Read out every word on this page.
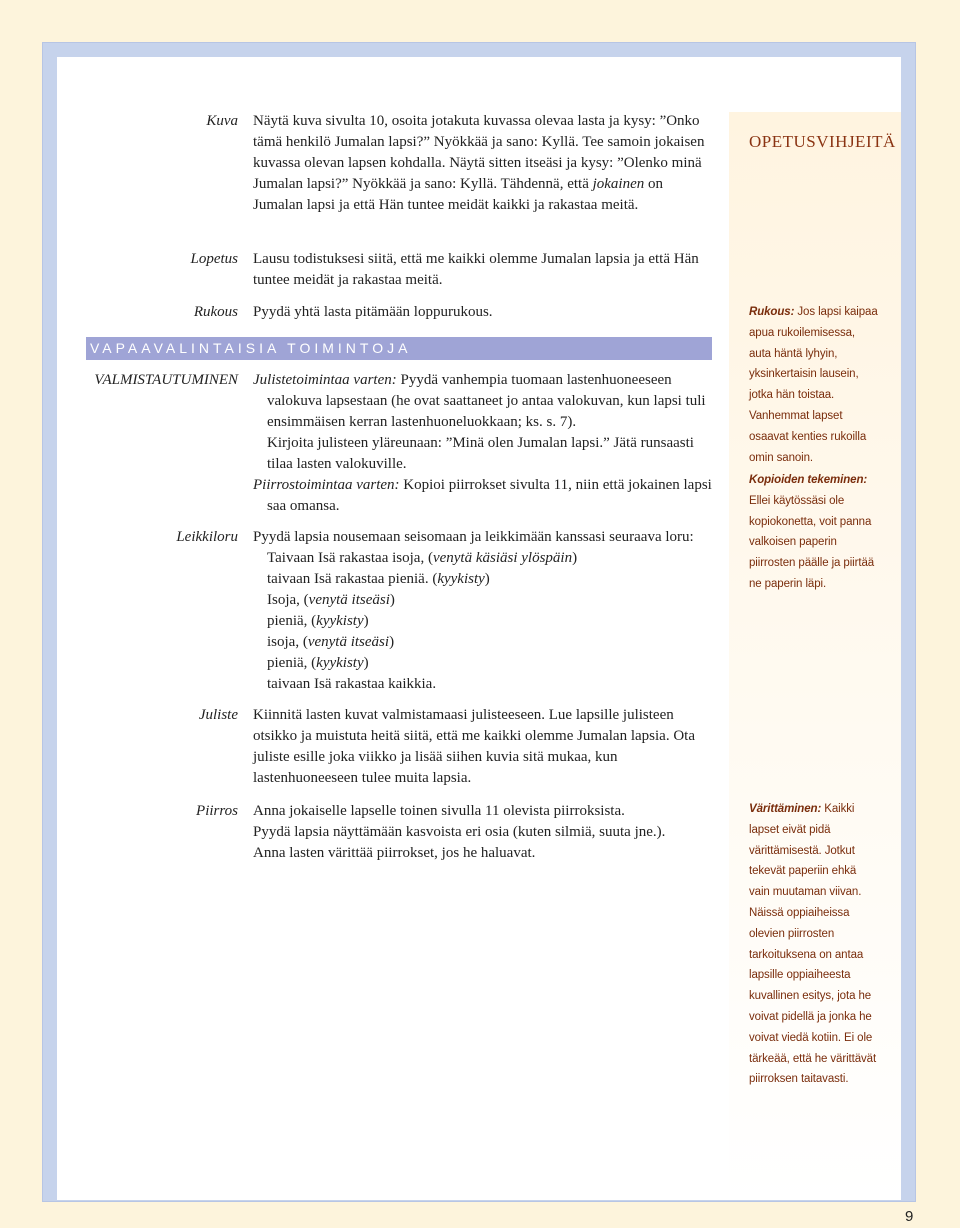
OPETUSVIHJEITÄ
Kuva Näytä kuva sivulta 10, osoita jotakuta kuvassa olevaa lasta ja kysy: ”Onko tämä henkilö Jumalan lapsi?” Nyökkää ja sano: Kyllä. Tee samoin jokaisen kuvassa olevan lapsen kohdalla. Näytä sitten itseäsi ja kysy: ”Olenko minä Jumalan lapsi?” Nyökkää ja sano: Kyllä. Tähdennä, että jokainen on Jumalan lapsi ja että Hän tuntee meidät kaikki ja rakastaa meitä.
Lopetus Lausu todistuksesi siitä, että me kaikki olemme Jumalan lapsia ja että Hän tuntee meidät ja rakastaa meitä.
Rukous Pyydä yhtä lasta pitämään loppurukous.
VAPAAVALINTAISIA TOIMINTOJA
VALMISTAUTUMINEN Julistetoimintaa varten: Pyydä vanhempia tuomaan lastenhuoneeseen valokuva lapsestaan (he ovat saattaneet jo antaa valokuvan, kun lapsi tuli ensimmäisen kerran lastenhuoneluokkaan; ks. s. 7).
Kirjoita julisteen yläreunaan: ”Minä olen Jumalan lapsi.” Jätä runsaasti tilaa lasten valokuville.
Piirrostoimintaa varten: Kopioi piirrokset sivulta 11, niin että jokainen lapsi saa omansa.
Leikkiloru Pyydä lapsia nousemaan seisomaan ja leikkimään kanssasi seuraava loru:
Taivaan Isä rakastaa isoja, (venytä käsiäsi ylöspäin)
taivaan Isä rakastaa pieniä. (kyykisty)
Isoja, (venytä itseäsi)
pieniä, (kyykisty)
isoja, (venytä itseäsi)
pieniä, (kyykisty)
taivaan Isä rakastaa kaikkia.
Juliste Kiinnitä lasten kuvat valmistamaasi julisteeseen. Lue lapsille julisteen otsikko ja muistuta heitä siitä, että me kaikki olemme Jumalan lapsia. Ota juliste esille joka viikko ja lisää siihen kuvia sitä mukaa, kun lastenhuoneeseen tulee muita lapsia.
Piirros Anna jokaiselle lapselle toinen sivulla 11 olevista piirroksista.
Pyydä lapsia näyttämään kasvoista eri osia (kuten silmiä, suuta jne.).
Anna lasten värittää piirrokset, jos he haluavat.
Rukous: Jos lapsi kaipaa apua rukoilemisessa, auta häntä lyhyin, yksinkertaisin lausein, jotka hän toistaa. Vanhemmat lapset osaavat kenties rukoilla omin sanoin.
Kopioiden tekeminen: Ellei käytössäsi ole kopiokonetta, voit panna valkoisen paperin piirrosten päälle ja piirtää ne paperin läpi.
Värittäminen: Kaikki lapset eivät pidä värittämisestä. Jotkut tekevät paperiin ehkä vain muutaman viivan. Näissä oppiaiheissa olevien piirrosten tarkoituksena on antaa lapsille oppiaiheesta kuvallinen esitys, jota he voivat pidellä ja jonka he voivat viedä kotiin. Ei ole tärkeää, että he värittävät piirroksen taitavasti.
9
